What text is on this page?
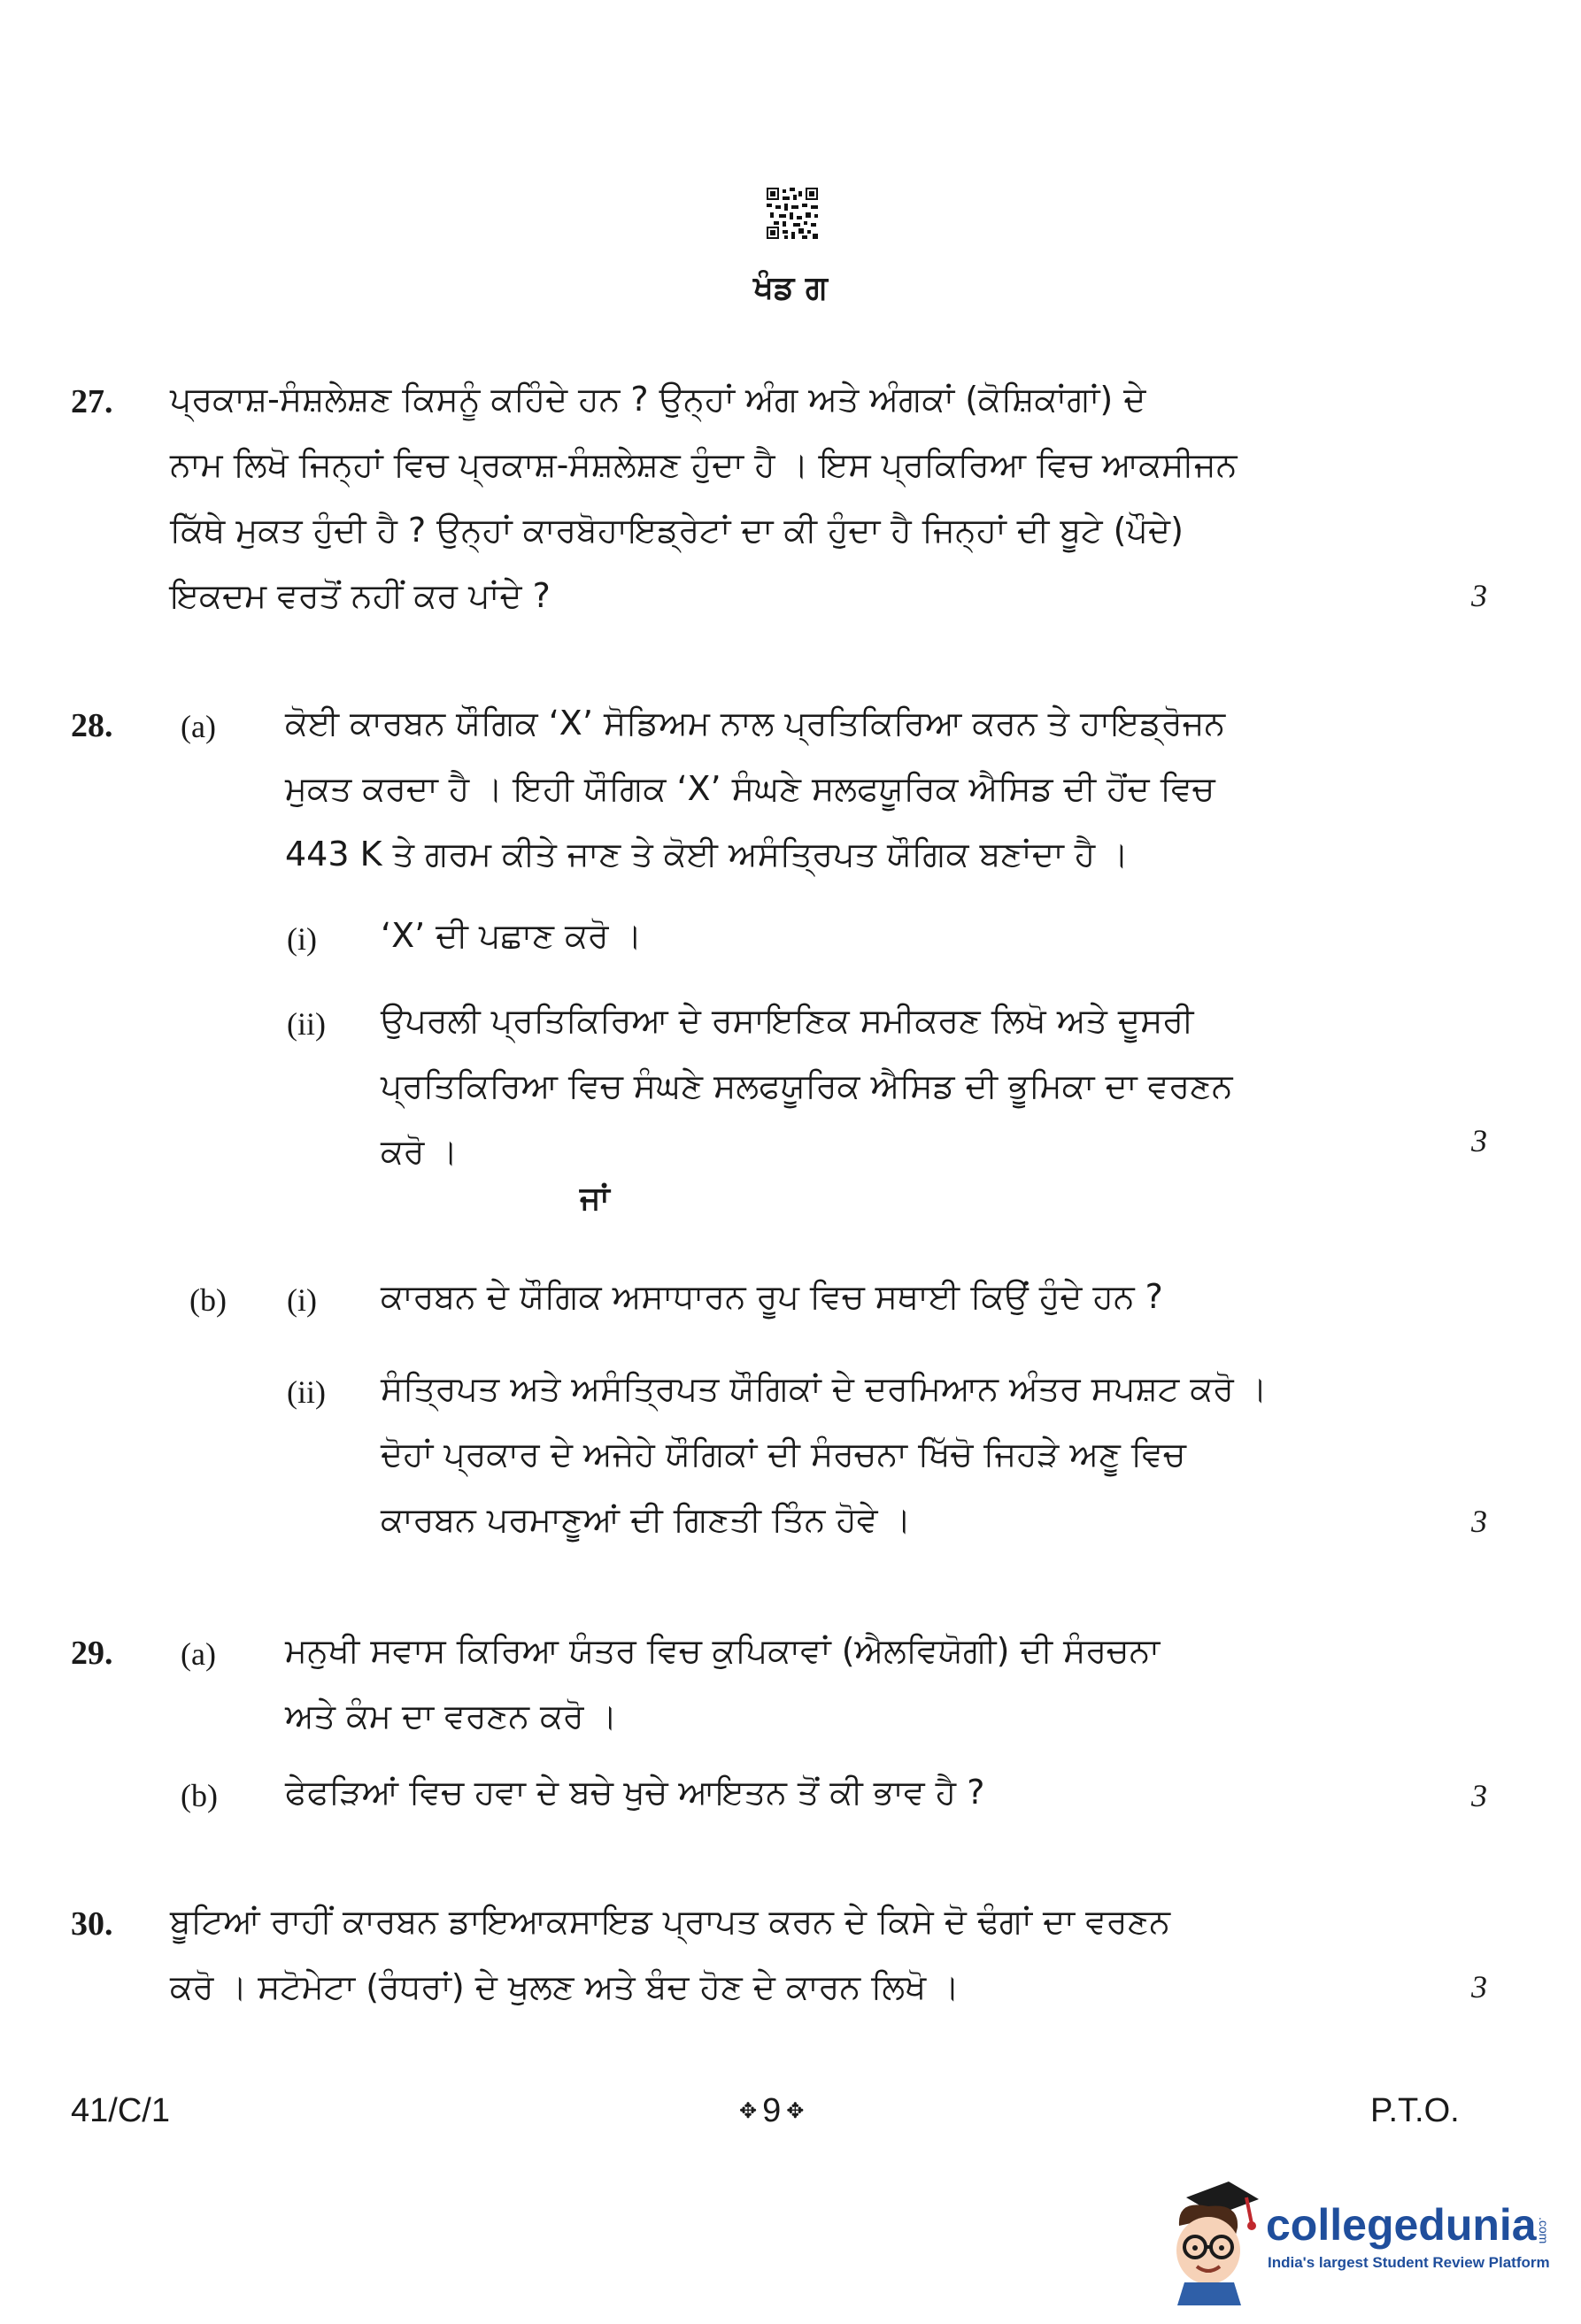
ਖੰਡ ਗ
27. ਪ੍ਰਕਾਸ਼-ਸੰਸ਼ਲੇਸ਼ਣ ਕਿਸਨੂੰ ਕਹਿੰਦੇ ਹਨ ? ਉਨ੍ਹਾਂ ਅੰਗ ਅਤੇ ਅੰਗਕਾਂ (ਕੋਸ਼ਿਕਾਂਗਾਂ) ਦੇ
ਨਾਮ ਲਿਖੋ ਜਿਨ੍ਹਾਂ ਵਿਚ ਪ੍ਰਕਾਸ਼-ਸੰਸ਼ਲੇਸ਼ਣ ਹੁੰਦਾ ਹੈ । ਇਸ ਪ੍ਰਕਿਰਿਆ ਵਿਚ ਆਕਸੀਜਨ
ਕਿੱਥੇ ਮੁਕਤ ਹੁੰਦੀ ਹੈ ? ਉਨ੍ਹਾਂ ਕਾਰਬੋਹਾਇਡ੍ਰੇਟਾਂ ਦਾ ਕੀ ਹੁੰਦਾ ਹੈ ਜਿਨ੍ਹਾਂ ਦੀ ਬੂਟੇ (ਪੌਦੇ)
ਇਕਦਮ ਵਰਤੋਂ ਨਹੀਂ ਕਰ ਪਾਂਦੇ ?	3
28. (a) ਕੋਈ ਕਾਰਬਨ ਯੌਗਿਕ ‘X’ ਸੋਡਿਅਮ ਨਾਲ ਪ੍ਰਤਿਕਿਰਿਆ ਕਰਨ ਤੇ ਹਾਇਡ੍ਰੋਜਨ
ਮੁਕਤ ਕਰਦਾ ਹੈ । ਇਹੀ ਯੌਗਿਕ ‘X’ ਸੰਘਣੇ ਸਲਫਯੂਰਿਕ ਐਸਿਡ ਦੀ ਹੋਂਦ ਵਿਚ
443 K ਤੇ ਗਰਮ ਕੀਤੇ ਜਾਣ ਤੇ ਕੋਈ ਅਸੰਤ੍ਰਿਪਤ ਯੌਗਿਕ ਬਣਾਂਦਾ ਹੈ ।
(i) ‘X’ ਦੀ ਪਛਾਣ ਕਰੋ ।
(ii) ਉਪਰਲੀ ਪ੍ਰਤਿਕਿਰਿਆ ਦੇ ਰਸਾਇਣਿਕ ਸਮੀਕਰਣ ਲਿਖੋ ਅਤੇ ਦੂਸਰੀ
ਪ੍ਰਤਿਕਿਰਿਆ ਵਿਚ ਸੰਘਣੇ ਸਲਫਯੂਰਿਕ ਐਸਿਡ ਦੀ ਭੂਮਿਕਾ ਦਾ ਵਰਣਨ
ਕਰੋ ।	3
ਜਾਂ
(b) (i) ਕਾਰਬਨ ਦੇ ਯੌਗਿਕ ਅਸਾਧਾਰਨ ਰੂਪ ਵਿਚ ਸਥਾਈ ਕਿਉਂ ਹੁੰਦੇ ਹਨ ?
(ii) ਸੰਤ੍ਰਿਪਤ ਅਤੇ ਅਸੰਤ੍ਰਿਪਤ ਯੌਗਿਕਾਂ ਦੇ ਦਰਮਿਆਨ ਅੰਤਰ ਸਪਸ਼ਟ ਕਰੋ ।
ਦੋਹਾਂ ਪ੍ਰਕਾਰ ਦੇ ਅਜੇਹੇ ਯੌਗਿਕਾਂ ਦੀ ਸੰਰਚਨਾ ਖਿੱਚੋ ਜਿਹੜੇ ਅਣੂ ਵਿਚ
ਕਾਰਬਨ ਪਰਮਾਣੂਆਂ ਦੀ ਗਿਣਤੀ ਤਿੰਨ ਹੋਵੇ ।	3
29. (a) ਮਨੁਖੀ ਸਵਾਸ ਕਿਰਿਆ ਯੰਤਰ ਵਿਚ ਕੁਪਿਕਾਵਾਂ (ਐਲਵਿਯੋਗੀ) ਦੀ ਸੰਰਚਨਾ
ਅਤੇ ਕੰਮ ਦਾ ਵਰਣਨ ਕਰੋ ।
(b) ਫੇਫੜਿਆਂ ਵਿਚ ਹਵਾ ਦੇ ਬਚੇ ਖੁਚੇ ਆਇਤਨ ਤੋਂ ਕੀ ਭਾਵ ਹੈ ?	3
30. ਬੂਟਿਆਂ ਰਾਹੀਂ ਕਾਰਬਨ ਡਾਇਆਕਸਾਇਡ ਪ੍ਰਾਪਤ ਕਰਨ ਦੇ ਕਿਸੇ ਦੋ ਢੰਗਾਂ ਦਾ ਵਰਣਨ
ਕਰੋ । ਸਟੋਮੇਟਾ (ਰੰਧਰਾਂ) ਦੇ ਖੁਲਣ ਅਤੇ ਬੰਦ ਹੋਣ ਦੇ ਕਾਰਨ ਲਿਖੋ ।	3
41/C/1	✥ 9 ✥	P.T.O.
collegedunia .com
India's largest Student Review Platform
